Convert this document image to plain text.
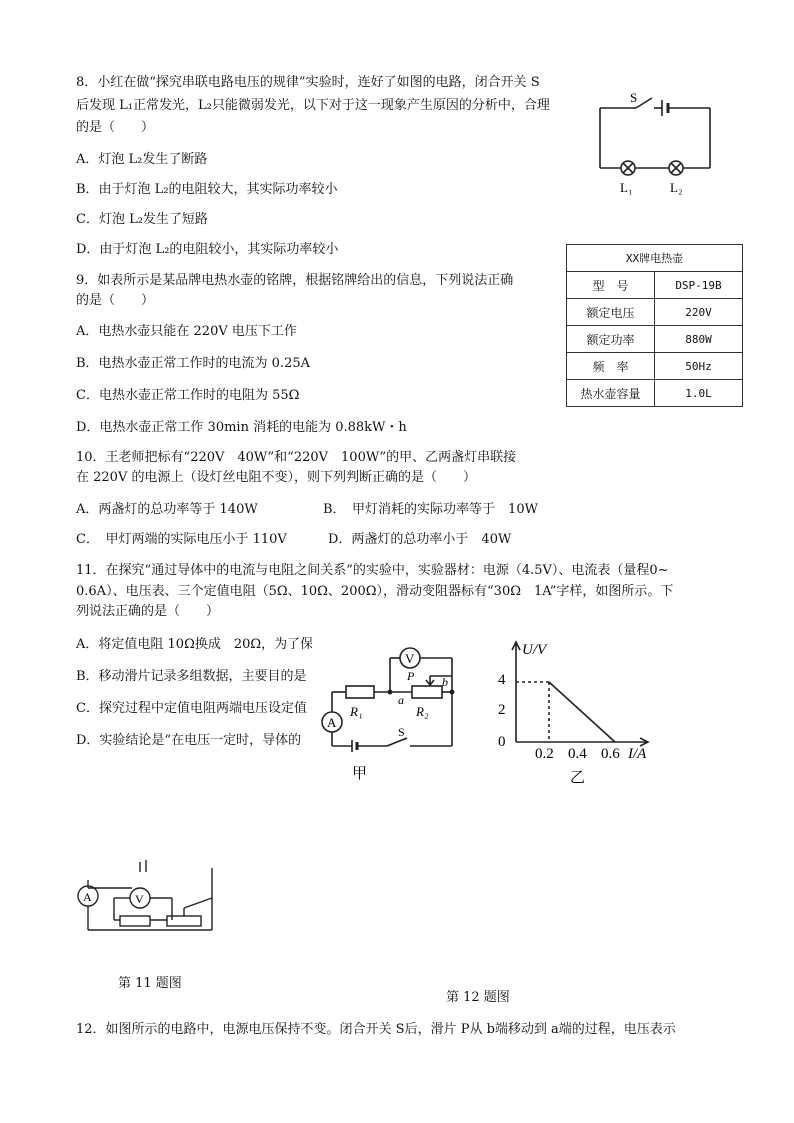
8．小红在做“探究串联电路电压的规律”实验时，连好了如图的电路，闭合开关 S
后发现 L₁正常发光，L₂只能微弱发光，以下对于这一现象产生原因的分析中，合理
的是（　　）
A．灯泡 L₂发生了断路
B．由于灯泡 L₂的电阻较大，其实际功率较小
C．灯泡 L₂发生了短路
D．由于灯泡 L₂的电阻较小，其实际功率较小
S
L₁	L₂
9．如表所示是某品牌电热水壶的铭牌，根据铭牌给出的信息，下列说法正确
的是（　　）
A．电热水壶只能在 220V 电压下工作
B．电热水壶正常工作时的电流为 0.25A
C．电热水壶正常工作时的电阻为 55Ω
D．电热水壶正常工作 30min 消耗的电能为 0.88kW・h
XX牌电热壶	
型　号	DSP-19B
额定电压	220V
额定功率	880W
频　率	50Hz
热水壶容量	1.0L
10．王老师把标有“220V　40W”和“220V　100W”的甲、乙两盏灯串联接
在 220V 的电源上（设灯丝电阻不变），则下列判断正确的是（　　）
A．两盏灯的总功率等于 140W	B．　甲灯消耗的实际功率等于　10W
C．　甲灯两端的实际电压小于 110V	D．两盏灯的总功率小于　40W
11．在探究“通过导体中的电流与电阻之间关系”的实验中，实验器材：电源（4.5V）、电流表（量程0~
0.6A）、电压表、三个定值电阻（5Ω、10Ω、200Ω），滑动变阻器标有“30Ω　1A”字样，如图所示。下
列说法正确的是（　　）
A．将定值电阻 10Ω换成　20Ω，为了保
B．移动滑片记录多组数据，主要目的是
C．探究过程中定值电阻两端电压设定值
D．实验结论是“在电压一定时，导体的
V
A
R₁	R₂
P
a
b
S
甲
U/V
4
2
0
0.2 0.4 0.6 I/A
乙
A	V
第 11 题图
第 12 题图
12．如图所示的电路中，电源电压保持不变。闭合开关 S后，滑片 P从 b端移动到 a端的过程，电压表示
